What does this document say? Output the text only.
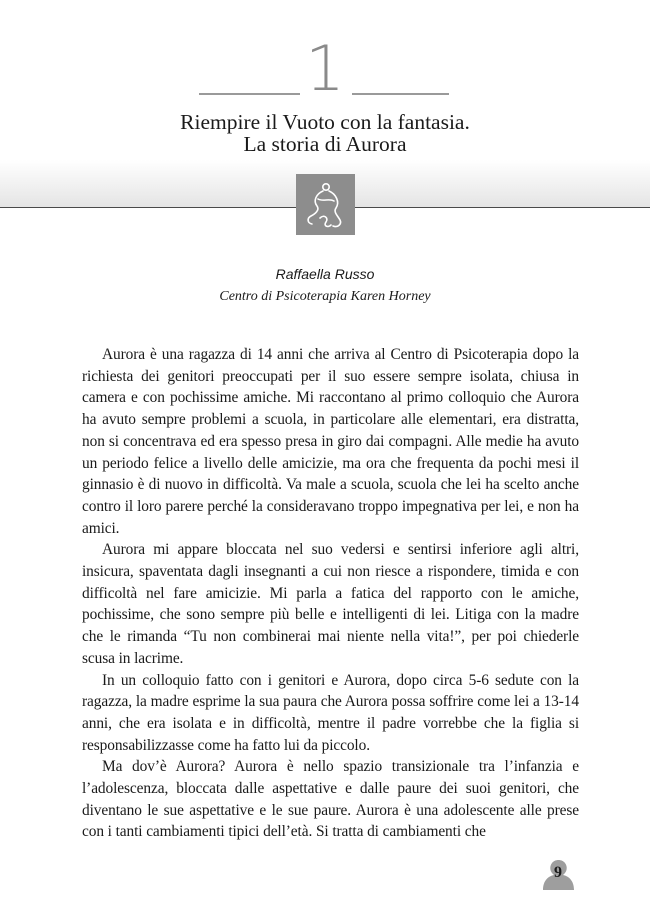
1
Riempire il Vuoto con la fantasia.
La storia di Aurora
Raffaella Russo
Centro di Psicoterapia Karen Horney

Aurora è una ragazza di 14 anni che arriva al Centro di Psicoterapia dopo la richiesta dei genitori preoccupati per il suo essere sempre isolata, chiusa in camera e con pochissime amiche. Mi raccontano al primo colloquio che Aurora ha avuto sempre problemi a scuola, in particolare alle elementari, era distratta, non si concentrava ed era spesso presa in giro dai compagni. Alle medie ha avuto un periodo felice a livello delle amicizie, ma ora che frequenta da pochi mesi il ginnasio è di nuovo in difficoltà. Va male a scuola, scuola che lei ha scelto anche contro il loro parere perché la consideravano troppo impegnativa per lei, e non ha amici.

Aurora mi appare bloccata nel suo vedersi e sentirsi inferiore agli altri, insicura, spaventata dagli insegnanti a cui non riesce a rispondere, timida e con difficoltà nel fare amicizie. Mi parla a fatica del rapporto con le amiche, pochissime, che sono sempre più belle e intelligenti di lei. Litiga con la madre che le rimanda “Tu non combinerai mai niente nella vita!”, per poi chiederle scusa in lacrime.

In un colloquio fatto con i genitori e Aurora, dopo circa 5-6 sedute con la ragazza, la madre esprime la sua paura che Aurora possa soffrire come lei a 13-14 anni, che era isolata e in difficoltà, mentre il padre vorrebbe che la figlia si responsabilizzasse come ha fatto lui da piccolo.

Ma dov’è Aurora? Aurora è nello spazio transizionale tra l’infanzia e l’adolescenza, bloccata dalle aspettative e dalle paure dei suoi genitori, che diventano le sue aspettative e le sue paure. Aurora è una adolescente alle prese con i tanti cambiamenti tipici dell’età. Si tratta di cambiamenti che

9
